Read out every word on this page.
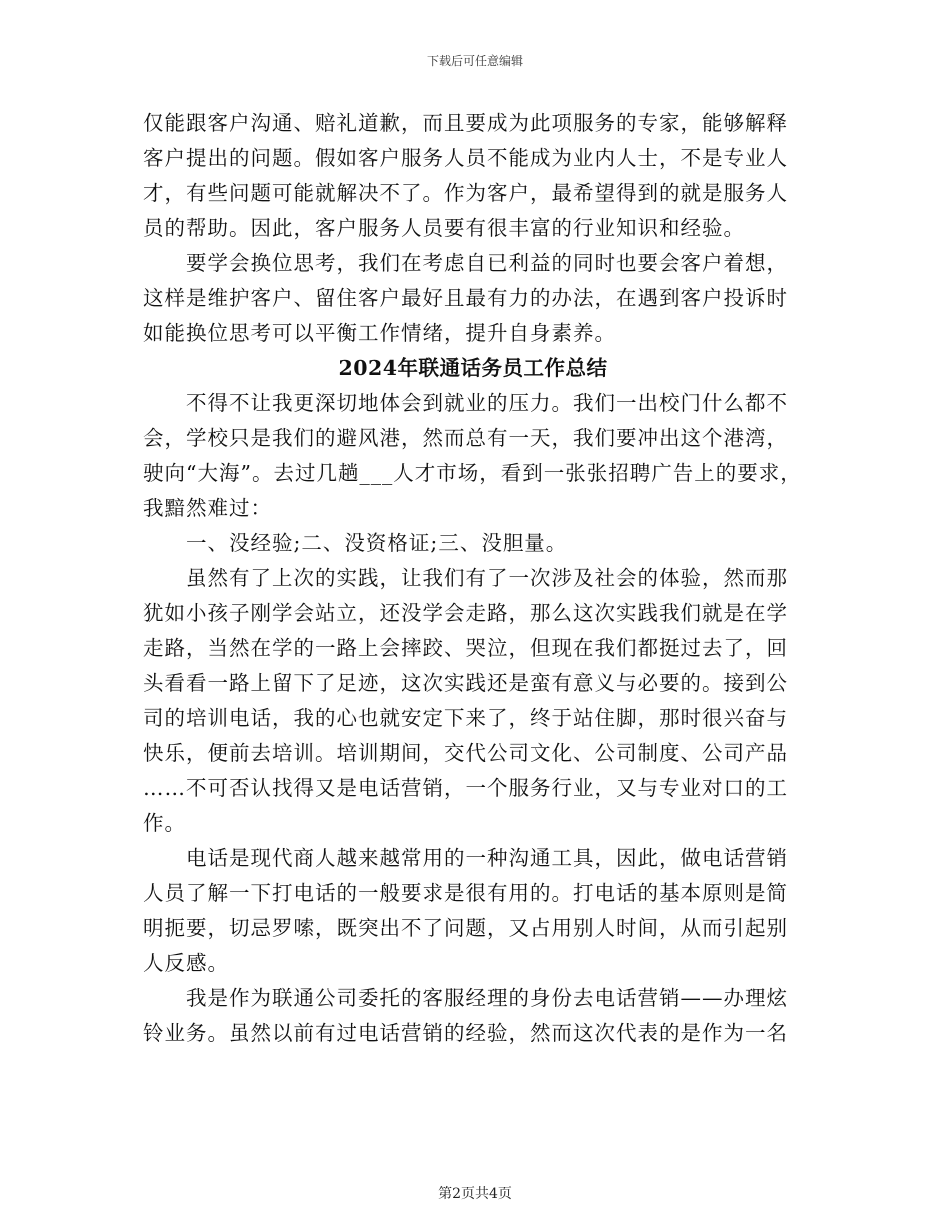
下载后可任意编辑
仅能跟客户沟通、赔礼道歉，而且要成为此项服务的专家，能够解释
客户提出的问题。假如客户服务人员不能成为业内人士，不是专业人
才，有些问题可能就解决不了。作为客户，最希望得到的就是服务人
员的帮助。因此，客户服务人员要有很丰富的行业知识和经验。
　　要学会换位思考，我们在考虑自已利益的同时也要会客户着想，
这样是维护客户、留住客户最好且最有力的办法，在遇到客户投诉时
如能换位思考可以平衡工作情绪，提升自身素养。
2024年联通话务员工作总结
　　不得不让我更深切地体会到就业的压力。我们一出校门什么都不
会，学校只是我们的避风港，然而总有一天，我们要冲出这个港湾，
驶向“大海”。去过几趟___人才市场，看到一张张招聘广告上的要求，
我黯然难过：
　　一、没经验;二、没资格证;三、没胆量。
　　虽然有了上次的实践，让我们有了一次涉及社会的体验，然而那
犹如小孩子刚学会站立，还没学会走路，那么这次实践我们就是在学
走路，当然在学的一路上会摔跤、哭泣，但现在我们都挺过去了，回
头看看一路上留下了足迹，这次实践还是蛮有意义与必要的。接到公
司的培训电话，我的心也就安定下来了，终于站住脚，那时很兴奋与
快乐，便前去培训。培训期间，交代公司文化、公司制度、公司产品
……不可否认找得又是电话营销，一个服务行业，又与专业对口的工
作。
　　电话是现代商人越来越常用的一种沟通工具，因此，做电话营销
人员了解一下打电话的一般要求是很有用的。打电话的基本原则是简
明扼要，切忌罗嗦，既突出不了问题，又占用别人时间，从而引起别
人反感。
　　我是作为联通公司委托的客服经理的身份去电话营销——办理炫
铃业务。虽然以前有过电话营销的经验，然而这次代表的是作为一名
第2页共4页
